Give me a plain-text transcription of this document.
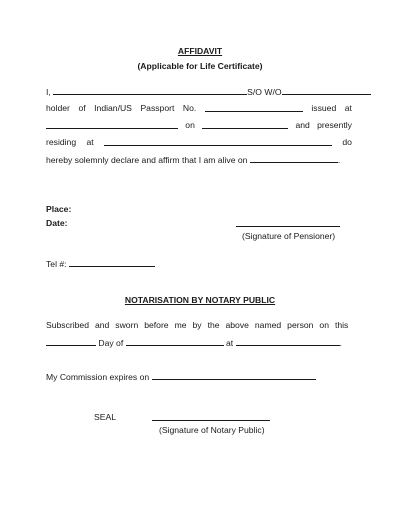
AFFIDAVIT
(Applicable for Life Certificate)
I,	S/O W/O
holder of Indian/US Passport No.	issued at
on	and presently
residing at	do
hereby solemnly declare and affirm that I am alive on	.
Place:
Date:
(Signature of Pensioner)
Tel #:
NOTARISATION BY NOTARY PUBLIC
Subscribed and sworn before me by the above named person on this
Day of	at	.
My Commission expires on
SEAL
(Signature of Notary Public)
